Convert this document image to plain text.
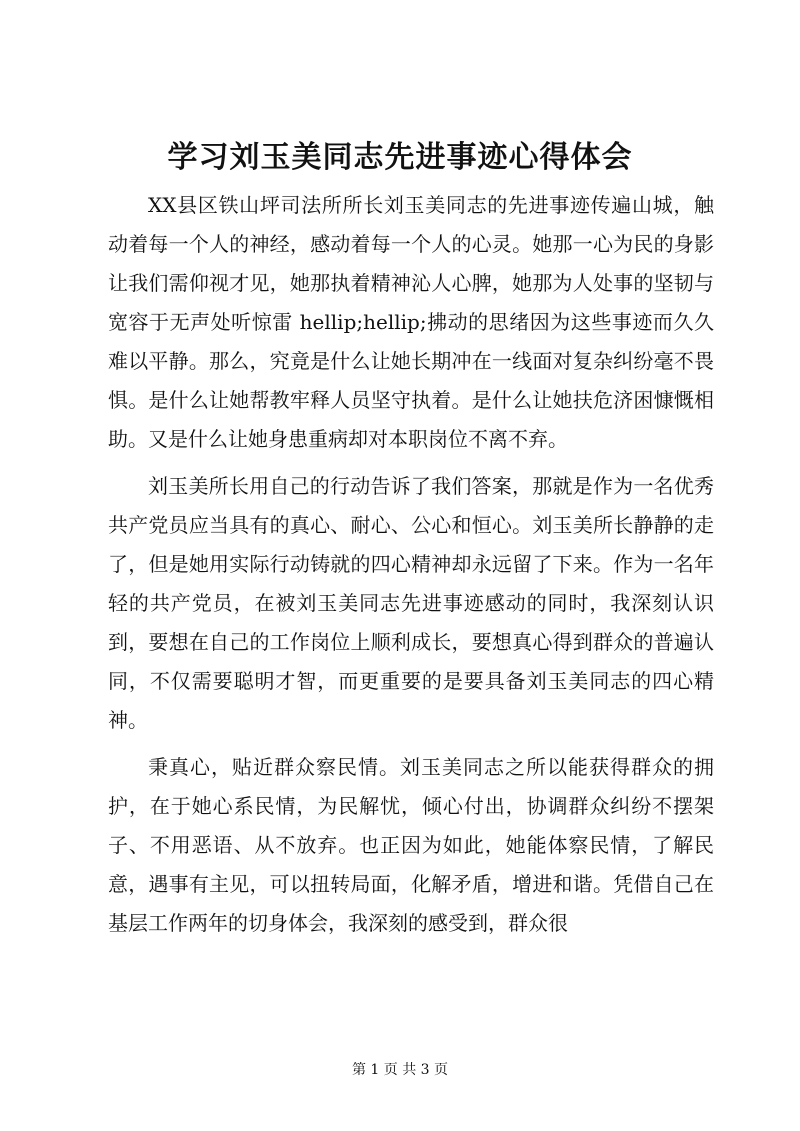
学习刘玉美同志先进事迹心得体会

XX县区铁山坪司法所所长刘玉美同志的先进事迹传遍山城，触动着每一个人的神经，感动着每一个人的心灵。她那一心为民的身影让我们需仰视才见，她那执着精神沁人心脾，她那为人处事的坚韧与宽容于无声处听惊雷 hellip;hellip;拂动的思绪因为这些事迹而久久难以平静。那么，究竟是什么让她长期冲在一线面对复杂纠纷毫不畏惧。是什么让她帮教牢释人员坚守执着。是什么让她扶危济困慷慨相助。又是什么让她身患重病却对本职岗位不离不弃。

刘玉美所长用自己的行动告诉了我们答案，那就是作为一名优秀共产党员应当具有的真心、耐心、公心和恒心。刘玉美所长静静的走了，但是她用实际行动铸就的四心精神却永远留了下来。作为一名年轻的共产党员，在被刘玉美同志先进事迹感动的同时，我深刻认识到，要想在自己的工作岗位上顺利成长，要想真心得到群众的普遍认同，不仅需要聪明才智，而更重要的是要具备刘玉美同志的四心精神。

秉真心，贴近群众察民情。刘玉美同志之所以能获得群众的拥护，在于她心系民情，为民解忧，倾心付出，协调群众纠纷不摆架子、不用恶语、从不放弃。也正因为如此，她能体察民情，了解民意，遇事有主见，可以扭转局面，化解矛盾，增进和谐。凭借自己在基层工作两年的切身体会，我深刻的感受到，群众很

第 1 页 共 3 页
